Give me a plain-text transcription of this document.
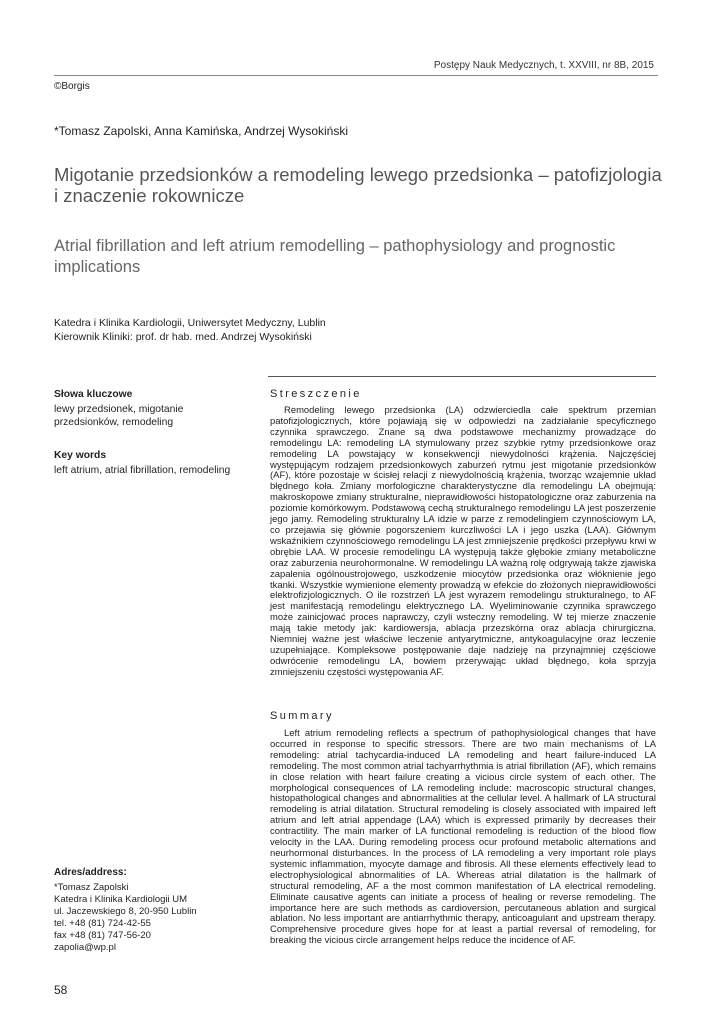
Postępy Nauk Medycznych, t. XXVIII, nr 8B, 2015
©Borgis
*Tomasz Zapolski, Anna Kamińska, Andrzej Wysokiński
Migotanie przedsionków a remodeling lewego przedsionka – patofizjologia i znaczenie rokownicze
Atrial fibrillation and left atrium remodelling – pathophysiology and prognostic implications
Katedra i Klinika Kardiologii, Uniwersytet Medyczny, Lublin
Kierownik Kliniki: prof. dr hab. med. Andrzej Wysokiński
Słowa kluczowe
lewy przedsionek, migotanie przedsionków, remodeling
Key words
left atrium, atrial fibrillation, remodeling
Streszczenie

Remodeling lewego przedsionka (LA) odzwierciedla całe spektrum przemian patofizjologicznych, które pojawiają się w odpowiedzi na zadziałanie specyficznego czynnika sprawczego. Znane są dwa podstawowe mechanizmy prowadzące do remodelingu LA: remodeling LA stymulowany przez szybkie rytmy przedsionkowe oraz remodeling LA powstający w konsekwencji niewydolności krążenia. Najczęściej występującym rodzajem przedsionkowych zaburzeń rytmu jest migotanie przedsionków (AF), które pozostaje w ścisłej relacji z niewydolnością krążenia, tworząc wzajemnie układ błędnego koła. Zmiany morfologiczne charakterystyczne dla remodelingu LA obejmują: makroskopowe zmiany strukturalne, nieprawidłowości histopatologiczne oraz zaburzenia na poziomie komórkowym. Podstawową cechą strukturalnego remodelingu LA jest poszerzenie jego jamy. Remodeling strukturalny LA idzie w parze z remodelingiem czynnościowym LA, co przejawia się głównie pogorszeniem kurczliwości LA i jego uszka (LAA). Głównym wskaźnikiem czynnościowego remodelingu LA jest zmniejszenie prędkości przepływu krwi w obrębie LAA. W procesie remodelingu LA występują także głębokie zmiany metaboliczne oraz zaburzenia neurohormonalne. W remodelingu LA ważną rolę odgrywają także zjawiska zapalenia ogólnoustrojowego, uszkodzenie miocytów przedsionka oraz włóknienie jego tkanki. Wszystkie wymienione elementy prowadzą w efekcie do złożonych nieprawidłowości elektrofizjologicznych. O ile rozstrzeń LA jest wyrazem remodelingu strukturalnego, to AF jest manifestacją remodelingu elektrycznego LA. Wyeliminowanie czynnika sprawczego może zainicjować proces naprawczy, czyli wsteczny remodeling. W tej mierze znaczenie mają takie metody jak: kardiowersja, ablacja przezskórna oraz ablacja chirurgiczna. Niemniej ważne jest właściwe leczenie antyarytmiczne, antykoagulacyjne oraz leczenie uzupełniające. Kompleksowe postępowanie daje nadzieję na przynajmniej częściowe odwrócenie remodelingu LA, bowiem przerywając układ błędnego, koła sprzyja zmniejszeniu częstości występowania AF.

Summary

Left atrium remodeling reflects a spectrum of pathophysiological changes that have occurred in response to specific stressors. There are two main mechanisms of LA remodeling: atrial tachycardia-induced LA remodeling and heart failure-induced LA remodeling. The most common atrial tachyarrhythmia is atrial fibrillation (AF), which remains in close relation with heart failure creating a vicious circle system of each other. The morphological consequences of LA remodeling include: macroscopic structural changes, histopathological changes and abnormalities at the cellular level. A hallmark of LA structural remodeling is atrial dilatation. Structural remodeling is closely associated with impaired left atrium and left atrial appendage (LAA) which is expressed primarily by decreases their contractility. The main marker of LA functional remodeling is reduction of the blood flow velocity in the LAA. During remodeling process ocur profound metabolic alternations and neurhormonal disturbances. In the process of LA remodeling a very important role plays systemic inflammation, myocyte damage and fibrosis. All these elements effectively lead to electrophysiological abnormalities of LA. Whereas atrial dilatation is the hallmark of structural remodeling, AF a the most common manifestation of LA electrical remodeling. Eliminate causative agents can initiate a process of healing or reverse remodeling. The importance here are such methods as cardioversion, percutaneous ablation and surgical ablation. No less important are antiarrhythmic therapy, anticoagulant and upstream therapy. Comprehensive procedure gives hope for at least a partial reversal of remodeling, for breaking the vicious circle arrangement helps reduce the incidence of AF.

Adres/address:
*Tomasz Zapolski
Katedra i Klinika Kardiologii UM
ul. Jaczewskiego 8, 20-950 Lublin
tel. +48 (81) 724-42-55
fax +48 (81) 747-56-20
zapolia@wp.pl
58
